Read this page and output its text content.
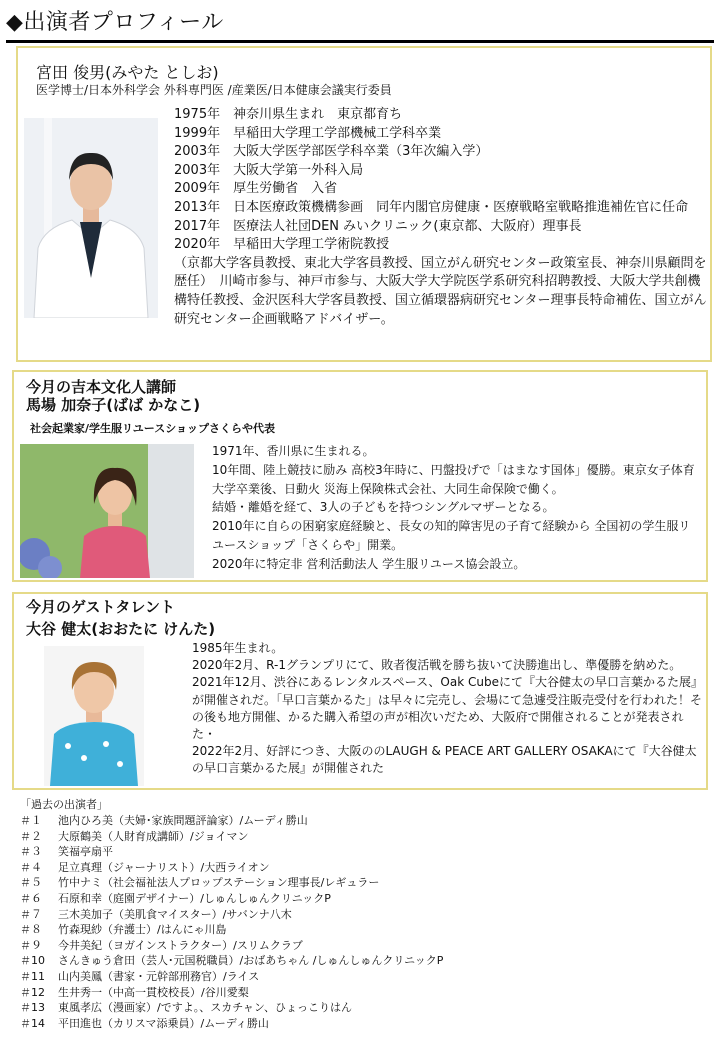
◆出演者プロフィール
宮田 俊男(みやた としお)
医学博士/日本外科学会 外科専門医 /産業医/日本健康会議実行委員
1975年　神奈川県生まれ　東京都育ち
1999年　早稲田大学理工学部機械工学科卒業
2003年　大阪大学医学部医学科卒業（3年次編入学）
2003年　大阪大学第一外科入局
2009年　厚生労働省　入省
2013年　日本医療政策機構参画　同年内閣官房健康・医療戦略室戦略推進補佐官に任命
2017年　医療法人社団DEN みいクリニック(東京都、大阪府）理事長
2020年　早稲田大学理工学術院教授
（京都大学客員教授、東北大学客員教授、国立がん研究センター政策室長、神奈川県顧問を歴任）　川崎市参与、神戸市参与、大阪大学大学院医学系研究科招聘教授、大阪大学共創機構特任教授、金沢医科大学客員教授、国立循環器病研究センター理事長特命補佐、国立がん研究センター企画戦略アドバイザー。
今月の吉本文化人講師
馬場 加奈子(ばば かなこ)
社会起業家/学生服リユースショップさくらや代表
1971年、香川県に生まれる。
10年間、陸上競技に励み 高校3年時に、円盤投げで「はまなす国体」優勝。東京女子体育大学卒業後、日動火 災海上保険株式会社、大同生命保険で働く。
結婚・離婚を経て、3人の子どもを持つシングルマザーとなる。
2010年に自らの困窮家庭経験と、長女の知的障害児の子育て経験から 全国初の学生服リユースショップ「さくらや」開業。
2020年に特定非 営利活動法人 学生服リユース協会設立。
今月のゲストタレント
大谷 健太(おおたに けんた)
1985年生まれ。
2020年2月、R-1グランプリにて、敗者復活戦を勝ち抜いて決勝進出し、準優勝を納めた。
2021年12月、渋谷にあるレンタルスペース、Oak Cubeにて『大谷健太の早口言葉かるた展』が開催されだ。「早口言葉かるた」は早々に完売し、会場にて急遽受注販売受付を行われた！その後も地方開催、かるた購入希望の声が相次いだため、大阪府で開催されることが発表された・
2022年2月、好評につき、大阪ののLAUGH & PEACE ART GALLERY OSAKAにて『大谷健太の早口言葉かるた展』が開催された
「過去の出演者」
＃１ 池内ひろ美（夫婦･家族問題評論家）/ムーディ勝山
＃２ 大原鶴美（人財育成講師）/ジョイマン
＃３ 笑福亭扇平
＃４ 足立真理（ジャーナリスト）/大西ライオン
＃５ 竹中ナミ（社会福祉法人プロップステーション理事長/レギュラー
＃６ 石原和幸（庭園デザイナー）/しゅんしゅんクリニックP
＃７ 三木美加子（美肌食マイスター）/サバンナ八木
＃８ 竹森現紗（弁護士）/はんにゃ川島
＃９ 今井美紀（ヨガインストラクター）/スリムクラブ
＃10 さんきゅう倉田（芸人･元国税職員）/おばあちゃん /しゅんしゅんクリニックP
＃11 山内美鳳（書家・元幹部刑務官）/ライス
＃12 生井秀一（中高一貫校校長）/谷川愛梨
＃13 東風孝広（漫画家）/ですよ。、スカチャン、ひょっこりはん
＃14 平田進也（カリスマ添乗員）/ムーディ勝山
